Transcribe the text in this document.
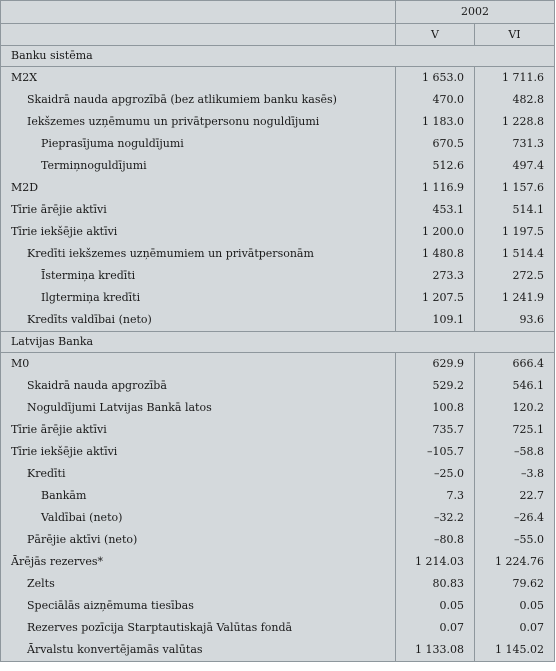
	2002	
	V	VI
Banku sistēma		
M2X	1 653.0	1 711.6
Skaidrā nauda apgrozībā (bez atlikumiem banku kasēs)	470.0	482.8
Iekšzemes uzņēmumu un privātpersonu noguldījumi	1 183.0	1 228.8
Pieprasījuma noguldījumi	670.5	731.3
Termiņnoguldījumi	512.6	497.4
M2D	1 116.9	1 157.6
Tīrie ārējie aktīvi	453.1	514.1
Tīrie iekšējie aktīvi	1 200.0	1 197.5
Kredīti iekšzemes uzņēmumiem un privātpersonām	1 480.8	1 514.4
Īstermiņa kredīti	273.3	272.5
Ilgtermiņa kredīti	1 207.5	1 241.9
Kredīts valdībai (neto)	109.1	93.6
Latvijas Banka		
M0	629.9	666.4
Skaidrā nauda apgrozībā	529.2	546.1
Noguldījumi Latvijas Bankā latos	100.8	120.2
Tīrie ārējie aktīvi	735.7	725.1
Tīrie iekšējie aktīvi	–105.7	–58.8
Kredīti	–25.0	–3.8
Bankām	7.3	22.7
Valdībai (neto)	–32.2	–26.4
Pārējie aktīvi (neto)	–80.8	–55.0
Ārējās rezerves*	1 214.03	1 224.76
Zelts	80.83	79.62
Speciālās aizņēmuma tiesības	0.05	0.05
Rezerves pozīcija Starptautiskajā Valūtas fondā	0.07	0.07
Ārvalstu konvertējamās valūtas	1 133.08	1 145.02
